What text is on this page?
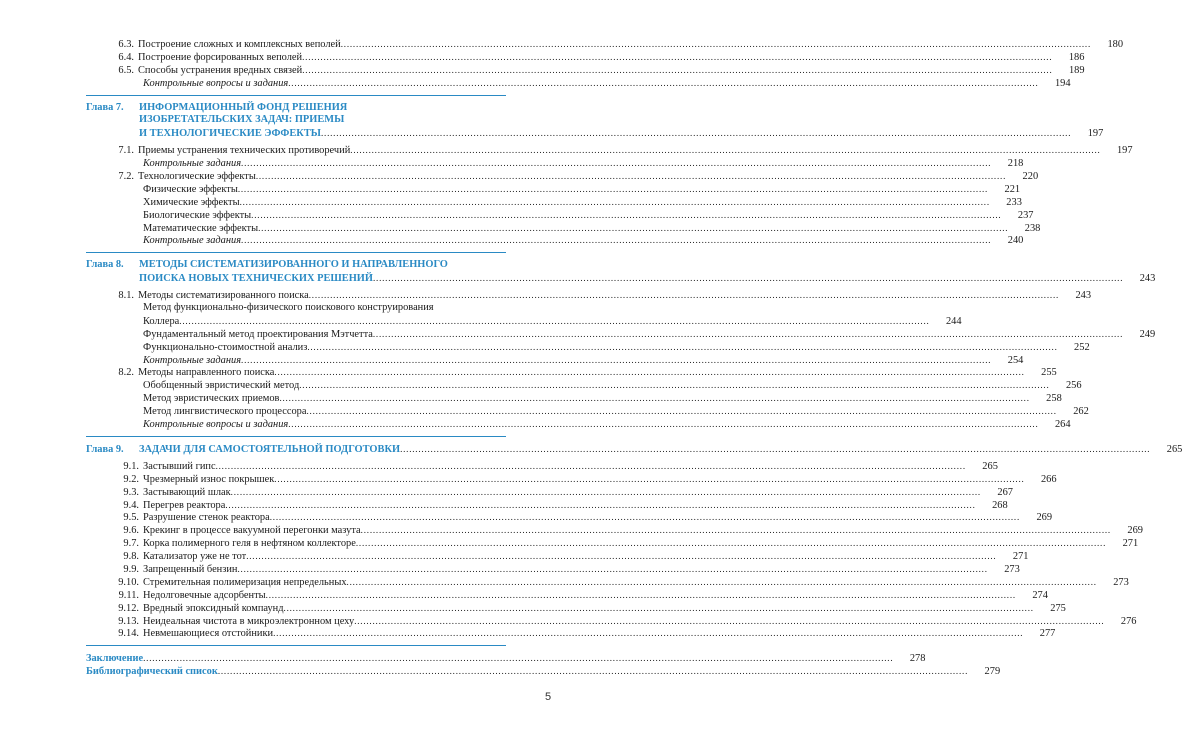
6.3. Построение сложных и комплексных веполей .....	180
6.4. Построение форсированных веполей .....	186
6.5. Способы устранения вредных связей .....	189
Контрольные вопросы и задания .....	194
Глава 7.	ИНФОРМАЦИОННЫЙ ФОНД РЕШЕНИЯ
ИЗОБРЕТАТЕЛЬСКИХ ЗАДАЧ: ПРИЕМЫ
И ТЕХНОЛОГИЧЕСКИЕ ЭФФЕКТЫ .....	197
7.1. Приемы устранения технических противоречий .....	197
Контрольные задания .....	218
7.2. Технологические эффекты .....	220
Физические эффекты .....	221
Химические эффекты .....	233
Биологические эффекты .....	237
Математические эффекты .....	238
Контрольные задания .....	240
Глава 8.	МЕТОДЫ СИСТЕМАТИЗИРОВАННОГО И НАПРАВЛЕННОГО
ПОИСКА НОВЫХ ТЕХНИЧЕСКИХ РЕШЕНИЙ .....	243
8.1. Методы систематизированного поиска .....	243
Метод функционально-физического поискового конструирования
Коллера .....	244
Фундаментальный метод проектирования Мэтчетта .....	249
Функционально-стоимостной анализ .....	252
Контрольные задания .....	254
8.2. Методы направленного поиска .....	255
Обобщенный эвристический метод .....	256
Метод эвристических приемов .....	258
Метод лингвистического процессора .....	262
Контрольные вопросы и задания .....	264
Глава 9.	ЗАДАЧИ ДЛЯ САМОСТОЯТЕЛЬНОЙ ПОДГОТОВКИ .....	265
9.1. Застывший гипс .....	265
9.2. Чрезмерный износ покрышек .....	266
9.3. Застывающий шлак .....	267
9.4. Перегрев реактора .....	268
9.5. Разрушение стенок реактора .....	269
9.6. Крекинг в процессе вакуумной перегонки мазута .....	269
9.7. Корка полимерного геля в нефтяном коллекторе .....	271
9.8. Катализатор уже не тот .....	271
9.9. Запрещенный бензин .....	273
9.10. Стремительная полимеризация непредельных .....	273
9.11. Недолговечные адсорбенты .....	274
9.12. Вредный эпоксидный компаунд .....	275
9.13. Неидеальная чистота в микроэлектронном цеху .....	276
9.14. Невмешающиеся отстойники .....	277
Заключение .....	278
Библиографический список .....	279
5
